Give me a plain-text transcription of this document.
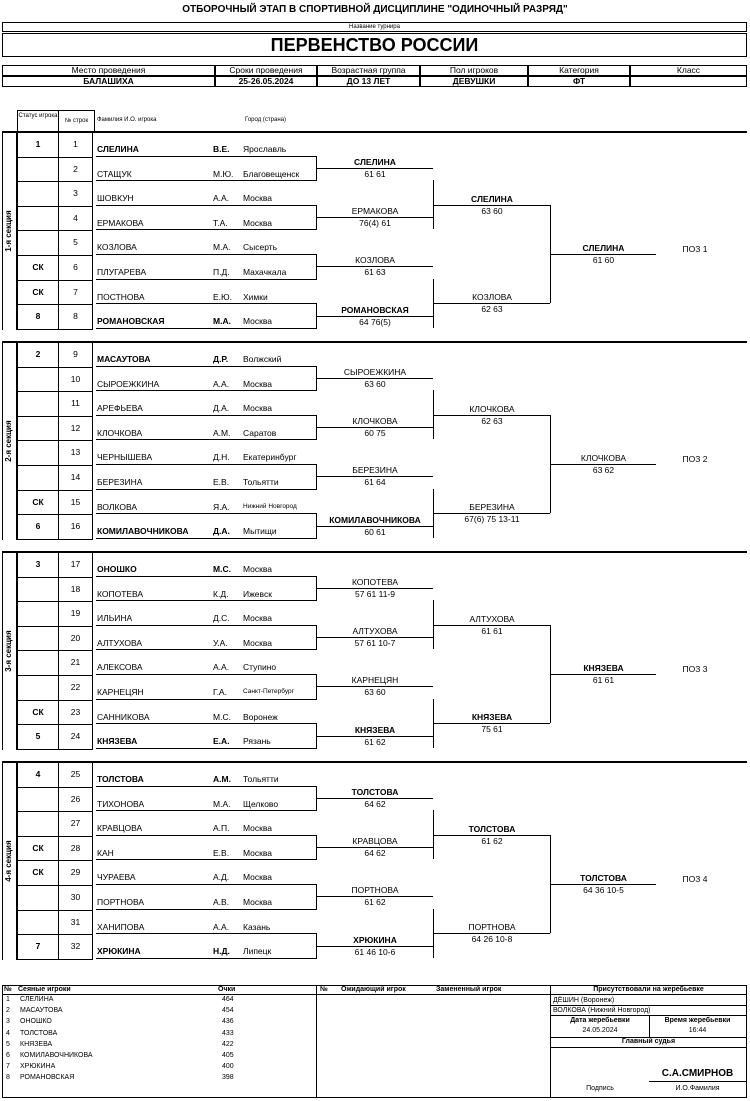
ОТБОРОЧНЫЙ ЭТАП В СПОРТИВНОЙ ДИСЦИПЛИНЕ "ОДИНОЧНЫЙ РАЗРЯД"
Название турнира
ПЕРВЕНСТВО РОССИИ
Место проведения
БАЛАШИХА
Сроки проведения
25-26.05.2024
Возрастная группа
ДО 13 ЛЕТ
Пол игроков
ДЕВУШКИ
Категория
ФТ
Класс
Статус игрока
№ строк	Фамилия И.О. игрока	Город (страна)
1-я секция
1	1	СЛЕЛИНА	В.Е.	Ярославль
2	СТАЩУК	М.Ю.	Благовещенск
3	ШОВКУН	А.А.	Москва
4	ЕРМАКОВА	Т.А.	Москва
5	КОЗЛОВА	М.А.	Сысерть
СК	6	ПЛУГАРЕВА	П.Д.	Махачкала
СК	7	ПОСТНОВА	Е.Ю.	Химки
8	8	РОМАНОВСКАЯ	М.А.	Москва
СЛЕЛИНА
61 61
ЕРМАКОВА
76(4) 61
КОЗЛОВА
61 63
РОМАНОВСКАЯ
64 76(5)
СЛЕЛИНА
63 60
КОЗЛОВА
62 63
СЛЕЛИНА
61 60
ПОЗ 1
2-я секция
2	9	МАСАУТОВА	Д.Р.	Волжский
10	СЫРОЕЖКИНА	А.А.	Москва
11	АРЕФЬЕВА	Д.А.	Москва
12	КЛОЧКОВА	А.М.	Саратов
13	ЧЕРНЫШЕВА	Д.Н.	Екатеринбург
14	БЕРЕЗИНА	Е.В.	Тольятти
СК	15	ВОЛКОВА	Я.А.	Нижний Новгород
6	16	КОМИЛАВОЧНИКОВА	Д.А.	Мытищи
СЫРОЕЖКИНА
63 60
КЛОЧКОВА
60 75
БЕРЕЗИНА
61 64
КОМИЛАВОЧНИКОВА
60 61
КЛОЧКОВА
62 63
БЕРЕЗИНА
67(6) 75 13-11
КЛОЧКОВА
63 62
ПОЗ 2
3-я секция
3	17	ОНОШКО	М.С.	Москва
18	КОПОТЕВА	К.Д.	Ижевск
19	ИЛЬИНА	Д.С.	Москва
20	АЛТУХОВА	У.А.	Москва
21	АЛЕКСОВА	А.А.	Ступино
22	КАРНЕЦЯН	Г.А.	Санкт-Петербург
СК	23	САННИКОВА	М.С.	Воронеж
5	24	КНЯЗЕВА	Е.А.	Рязань
КОПОТЕВА
57 61 11-9
АЛТУХОВА
57 61 10-7
КАРНЕЦЯН
63 60
КНЯЗЕВА
61 62
АЛТУХОВА
61 61
КНЯЗЕВА
75 61
КНЯЗЕВА
61 61
ПОЗ 3
4-я секция
4	25	ТОЛСТОВА	А.М.	Тольятти
26	ТИХОНОВА	М.А.	Щелково
27	КРАВЦОВА	А.П.	Москва
СК	28	КАН	Е.В.	Москва
СК	29	ЧУРАЕВА	А.Д.	Москва
30	ПОРТНОВА	А.В.	Москва
31	ХАНИПОВА	А.А.	Казань
7	32	ХРЮКИНА	Н.Д.	Липецк
ТОЛСТОВА
64 62
КРАВЦОВА
64 62
ПОРТНОВА
61 62
ХРЮКИНА
61 46 10-6
ТОЛСТОВА
61 62
ПОРТНОВА
64 26 10-8
ТОЛСТОВА
64 36 10-5
ПОЗ 4
№ Сеяные игроки	Очки
1 СЛЕЛИНА	464
2 МАСАУТОВА	454
3 ОНОШКО	436
4 ТОЛСТОВА	433
5 КНЯЗЕВА	422
6 КОМИЛАВОЧНИКОВА	405
7 ХРЮКИНА	400
8 РОМАНОВСКАЯ	398
№ Ожидающий игрок	Замененный игрок	Присутствовали на жеребьевке
ДЁШИН (Воронеж)
ВОЛКОВА (Нижний Новгород)
Дата жеребьевки	Время жеребьевки
24.05.2024	16:44
Главный судья
С.А.СМИРНОВ
Подпись	И.О.Фамилия
